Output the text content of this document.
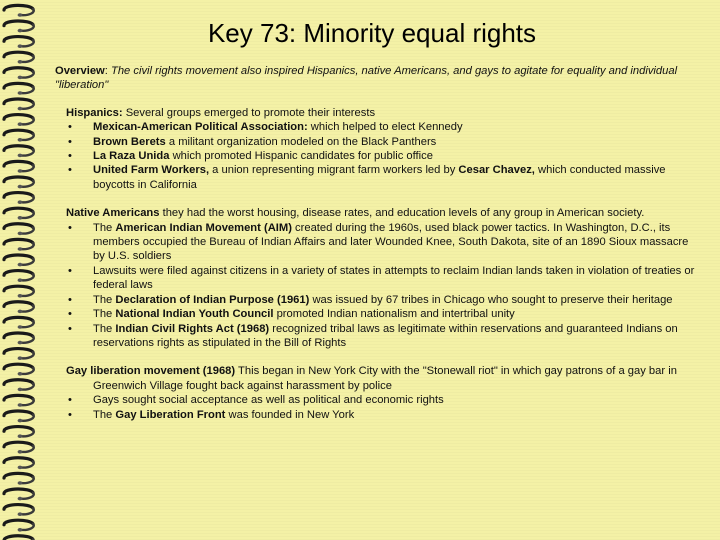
Key 73: Minority equal rights

Overview: The civil rights movement also inspired Hispanics, native Americans, and gays to agitate for equality and individual "liberation"

Hispanics: Several groups emerged to promote their interests
• Mexican-American Political Association: which helped to elect Kennedy
• Brown Berets a militant organization modeled on the Black Panthers
• La Raza Unida which promoted Hispanic candidates for public office
• United Farm Workers, a union representing migrant farm workers led by Cesar Chavez, which conducted massive boycotts in California
Native Americans they had the worst housing, disease rates, and education levels of any group in American society.
• The American Indian Movement (AIM) created during the 1960s, used black power tactics. In Washington, D.C., its members occupied the Bureau of Indian Affairs and later Wounded Knee, South Dakota, site of an 1890 Sioux massacre by U.S. soldiers
• Lawsuits were filed against citizens in a variety of states in attempts to reclaim Indian lands taken in violation of treaties or federal laws
• The Declaration of Indian Purpose (1961) was issued by 67 tribes in Chicago who sought to preserve their heritage
• The National Indian Youth Council promoted Indian nationalism and intertribal unity
• The Indian Civil Rights Act (1968) recognized tribal laws as legitimate within reservations and guaranteed Indians on reservations rights as stipulated in the Bill of Rights
Gay liberation movement (1968) This began in New York City with the "Stonewall riot" in which gay patrons of a gay bar in Greenwich Village fought back against harassment by police
• Gays sought social acceptance as well as political and economic rights
• The Gay Liberation Front was founded in New York
